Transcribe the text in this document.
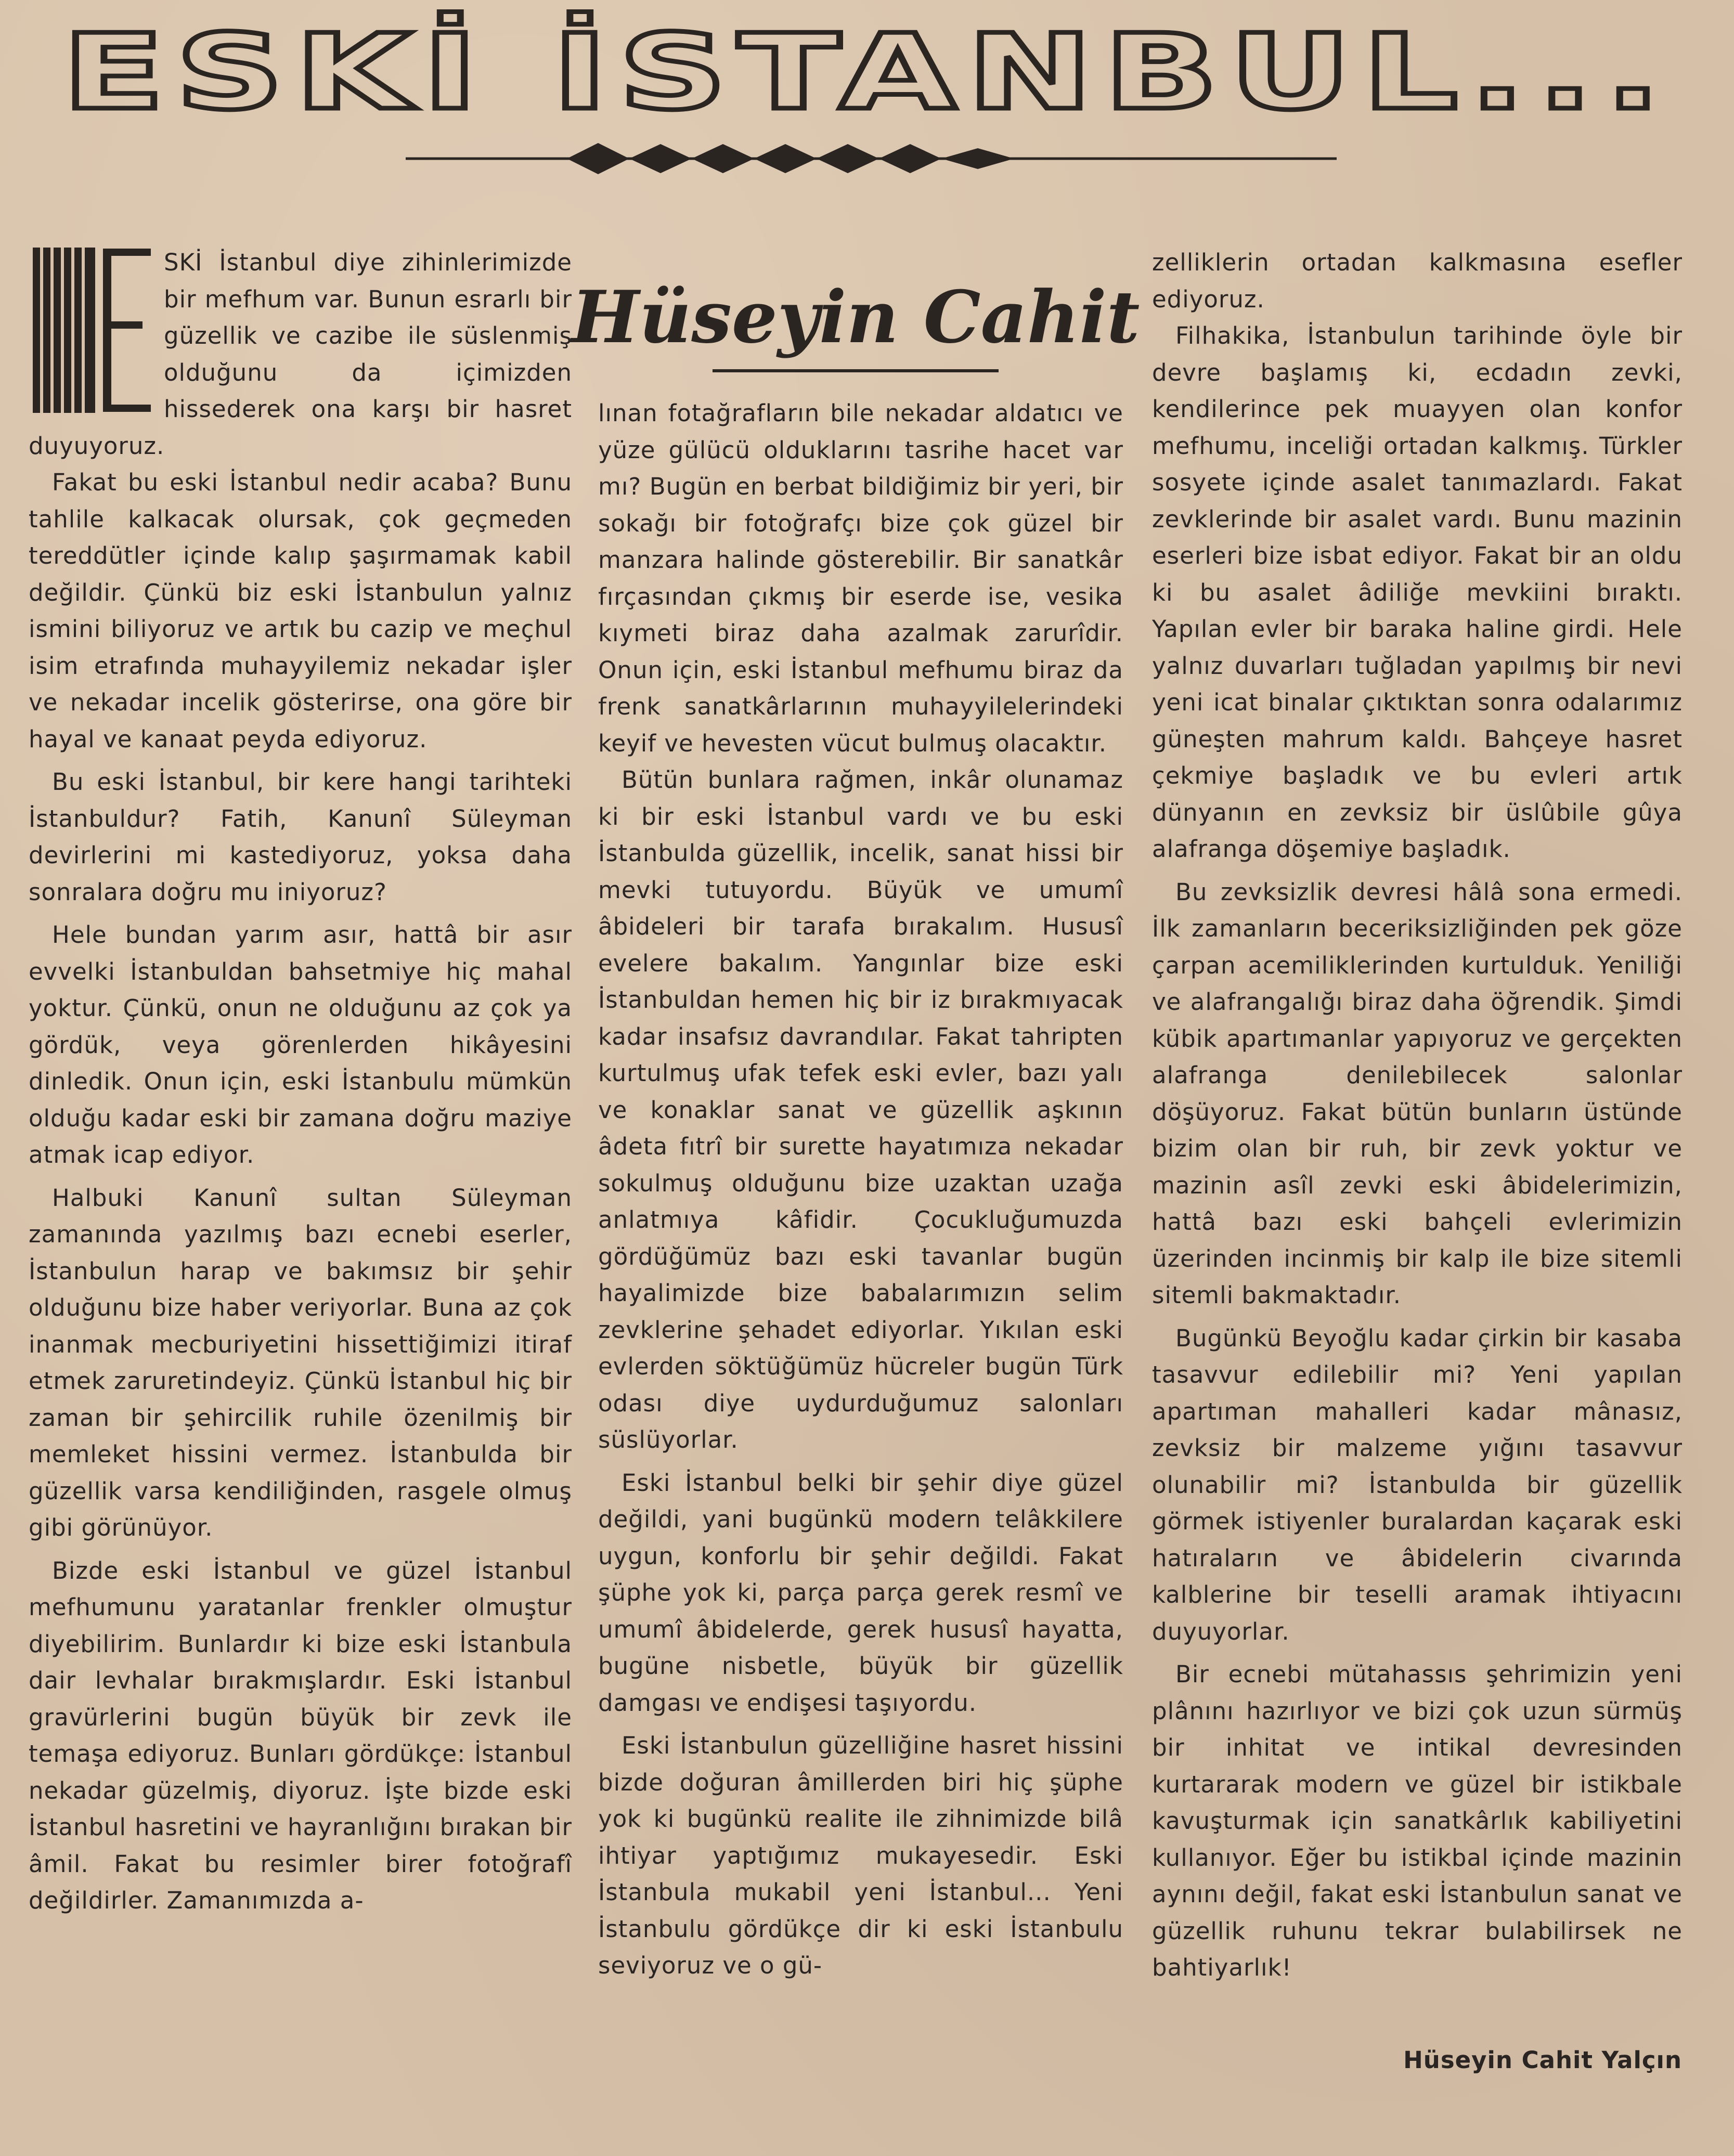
ESKİ İSTANBUL...
Hüseyin Cahit

SKİ İstanbul diye zihinlerimizde bir mefhum var. Bunun esrarlı bir güzellik ve cazibe ile süslenmiş olduğunu da içimizden hissederek ona karşı bir hasret duyuyoruz.

Fakat bu eski İstanbul nedir acaba? Bunu tahlile kalkacak olursak, çok geçmeden tereddütler içinde kalıp şaşırmamak kabil değildir. Çünkü biz eski İstanbulun yalnız ismini biliyoruz ve artık bu cazip ve meçhul isim etrafında muhayyilemiz nekadar işler ve nekadar incelik gösterirse, ona göre bir hayal ve kanaat peyda ediyoruz.

Bu eski İstanbul, bir kere hangi tarihteki İstanbuldur? Fatih, Kanunî Süleyman devirlerini mi kastediyoruz, yoksa daha sonralara doğru mu iniyoruz?

Hele bundan yarım asır, hattâ bir asır evvelki İstanbuldan bahsetmiye hiç mahal yoktur. Çünkü, onun ne olduğunu az çok ya gördük, veya görenlerden hikâyesini dinledik. Onun için, eski İstanbulu mümkün olduğu kadar eski bir zamana doğru maziye atmak icap ediyor.

Halbuki Kanunî sultan Süleyman zamanında yazılmış bazı ecnebi eserler, İstanbulun harap ve bakımsız bir şehir olduğunu bize haber veriyorlar. Buna az çok inanmak mecburiyetini hissettiğimizi itiraf etmek zaruretindeyiz. Çünkü İstanbul hiç bir zaman bir şehircilik ruhile özenilmiş bir memleket hissini vermez. İstanbulda bir güzellik varsa kendiliğinden, rasgele olmuş gibi görünüyor.

Bizde eski İstanbul ve güzel İstanbul mefhumunu yaratanlar frenkler olmuştur diyebilirim. Bunlardır ki bize eski İstanbula dair levhalar bırakmışlardır. Eski İstanbul gravürlerini bugün büyük bir zevk ile temaşa ediyoruz. Bunları gördükçe: İstanbul nekadar güzelmiş, diyoruz. İşte bizde eski İstanbul hasretini ve hayranlığını bırakan bir âmil. Fakat bu resimler birer fotoğrafî değildirler. Zamanımızda a-

lınan fotağrafların bile nekadar aldatıcı ve yüze gülücü olduklarını tasrihe hacet var mı? Bugün en berbat bildiğimiz bir yeri, bir sokağı bir fotoğrafçı bize çok güzel bir manzara halinde gösterebilir. Bir sanatkâr fırçasından çıkmış bir eserde ise, vesika kıymeti biraz daha azalmak zarurîdir. Onun için, eski İstanbul mefhumu biraz da frenk sanatkârlarının muhayyilelerindeki keyif ve hevesten vücut bulmuş olacaktır.

Bütün bunlara rağmen, inkâr olunamaz ki bir eski İstanbul vardı ve bu eski İstanbulda güzellik, incelik, sanat hissi bir mevki tutuyordu. Büyük ve umumî âbideleri bir tarafa bırakalım. Hususî evelere bakalım. Yangınlar bize eski İstanbuldan hemen hiç bir iz bırakmıyacak kadar insafsız davrandılar. Fakat tahripten kurtulmuş ufak tefek eski evler, bazı yalı ve konaklar sanat ve güzellik aşkının âdeta fıtrî bir surette hayatımıza nekadar sokulmuş olduğunu bize uzaktan uzağa anlatmıya kâfidir. Çocukluğumuzda gördüğümüz bazı eski tavanlar bugün hayalimizde bize babalarımızın selim zevklerine şehadet ediyorlar. Yıkılan eski evlerden söktüğümüz hücreler bugün Türk odası diye uydurduğumuz salonları süslüyorlar.

Eski İstanbul belki bir şehir diye güzel değildi, yani bugünkü modern telâkkilere uygun, konforlu bir şehir değildi. Fakat şüphe yok ki, parça parça gerek resmî ve umumî âbidelerde, gerek hususî hayatta, bugüne nisbetle, büyük bir güzellik damgası ve endişesi taşıyordu.

Eski İstanbulun güzelliğine hasret hissini bizde doğuran âmillerden biri hiç şüphe yok ki bugünkü realite ile zihnimizde bilâ ihtiyar yaptığımız mukayesedir. Eski İstanbula mukabil yeni İstanbul... Yeni İstanbulu gördükçe dir ki eski İstanbulu seviyoruz ve o gü-

zelliklerin ortadan kalkmasına esefler ediyoruz.

Filhakika, İstanbulun tarihinde öyle bir devre başlamış ki, ecdadın zevki, kendilerince pek muayyen olan konfor mefhumu, inceliği ortadan kalkmış. Türkler sosyete içinde asalet tanımazlardı. Fakat zevklerinde bir asalet vardı. Bunu mazinin eserleri bize isbat ediyor. Fakat bir an oldu ki bu asalet âdiliğe mevkiini bıraktı. Yapılan evler bir baraka haline girdi. Hele yalnız duvarları tuğladan yapılmış bir nevi yeni icat binalar çıktıktan sonra odalarımız güneşten mahrum kaldı. Bahçeye hasret çekmiye başladık ve bu evleri artık dünyanın en zevksiz bir üslûbile gûya alafranga döşemiye başladık.

Bu zevksizlik devresi hâlâ sona ermedi. İlk zamanların beceriksizliğinden pek göze çarpan acemiliklerinden kurtulduk. Yeniliği ve alafrangalığı biraz daha öğrendik. Şimdi kübik apartımanlar yapıyoruz ve gerçekten alafranga denilebilecek salonlar döşüyoruz. Fakat bütün bunların üstünde bizim olan bir ruh, bir zevk yoktur ve mazinin asîl zevki eski âbidelerimizin, hattâ bazı eski bahçeli evlerimizin üzerinden incinmiş bir kalp ile bize sitemli sitemli bakmaktadır.

Bugünkü Beyoğlu kadar çirkin bir kasaba tasavvur edilebilir mi? Yeni yapılan apartıman mahalleri kadar mânasız, zevksiz bir malzeme yığını tasavvur olunabilir mi? İstanbulda bir güzellik görmek istiyenler buralardan kaçarak eski hatıraların ve âbidelerin civarında kalblerine bir teselli aramak ihtiyacını duyuyorlar.

Bir ecnebi mütahassıs şehrimizin yeni plânını hazırlıyor ve bizi çok uzun sürmüş bir inhitat ve intikal devresinden kurtararak modern ve güzel bir istikbale kavuşturmak için sanatkârlık kabiliyetini kullanıyor. Eğer bu istikbal içinde mazinin aynını değil, fakat eski İstanbulun sanat ve güzellik ruhunu tekrar bulabilirsek ne bahtiyarlık!

Hüseyin Cahit Yalçın
